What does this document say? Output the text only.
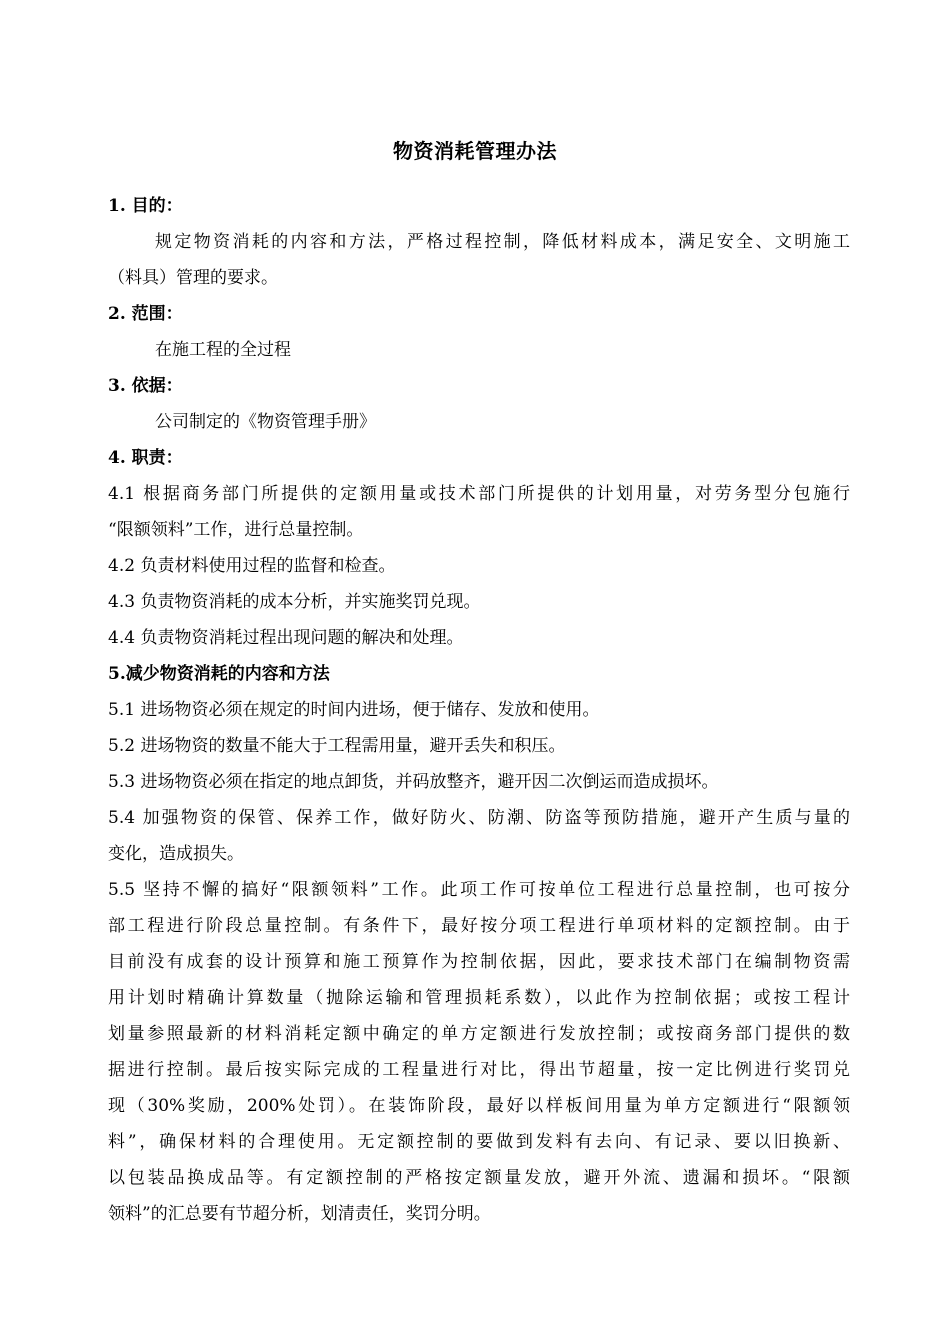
物资消耗管理办法
1. 目的：
规定物资消耗的内容和方法，严格过程控制，降低材料成本，满足安全、文明施工
（料具）管理的要求。
2. 范围：
在施工程的全过程
3. 依据：
公司制定的《物资管理手册》
4. 职责：
4.1 根据商务部门所提供的定额用量或技术部门所提供的计划用量，对劳务型分包施行
“限额领料”工作，进行总量控制。
4.2 负责材料使用过程的监督和检查。
4.3 负责物资消耗的成本分析，并实施奖罚兑现。
4.4 负责物资消耗过程出现问题的解决和处理。
5.减少物资消耗的内容和方法
5.1 进场物资必须在规定的时间内进场，便于储存、发放和使用。
5.2 进场物资的数量不能大于工程需用量，避开丢失和积压。
5.3 进场物资必须在指定的地点卸货，并码放整齐，避开因二次倒运而造成损坏。
5.4 加强物资的保管、保养工作，做好防火、防潮、防盗等预防措施，避开产生质与量的
变化，造成损失。
5.5 坚持不懈的搞好“限额领料”工作。此项工作可按单位工程进行总量控制，也可按分
部工程进行阶段总量控制。有条件下，最好按分项工程进行单项材料的定额控制。由于
目前没有成套的设计预算和施工预算作为控制依据，因此，要求技术部门在编制物资需
用计划时精确计算数量（抛除运输和管理损耗系数），以此作为控制依据；或按工程计
划量参照最新的材料消耗定额中确定的单方定额进行发放控制；或按商务部门提供的数
据进行控制。最后按实际完成的工程量进行对比，得出节超量，按一定比例进行奖罚兑
现（30%奖励，200%处罚）。在装饰阶段，最好以样板间用量为单方定额进行“限额领
料”，确保材料的合理使用。无定额控制的要做到发料有去向、有记录、要以旧换新、
以包装品换成品等。有定额控制的严格按定额量发放，避开外流、遗漏和损坏。“限额
领料”的汇总要有节超分析，划清责任，奖罚分明。
